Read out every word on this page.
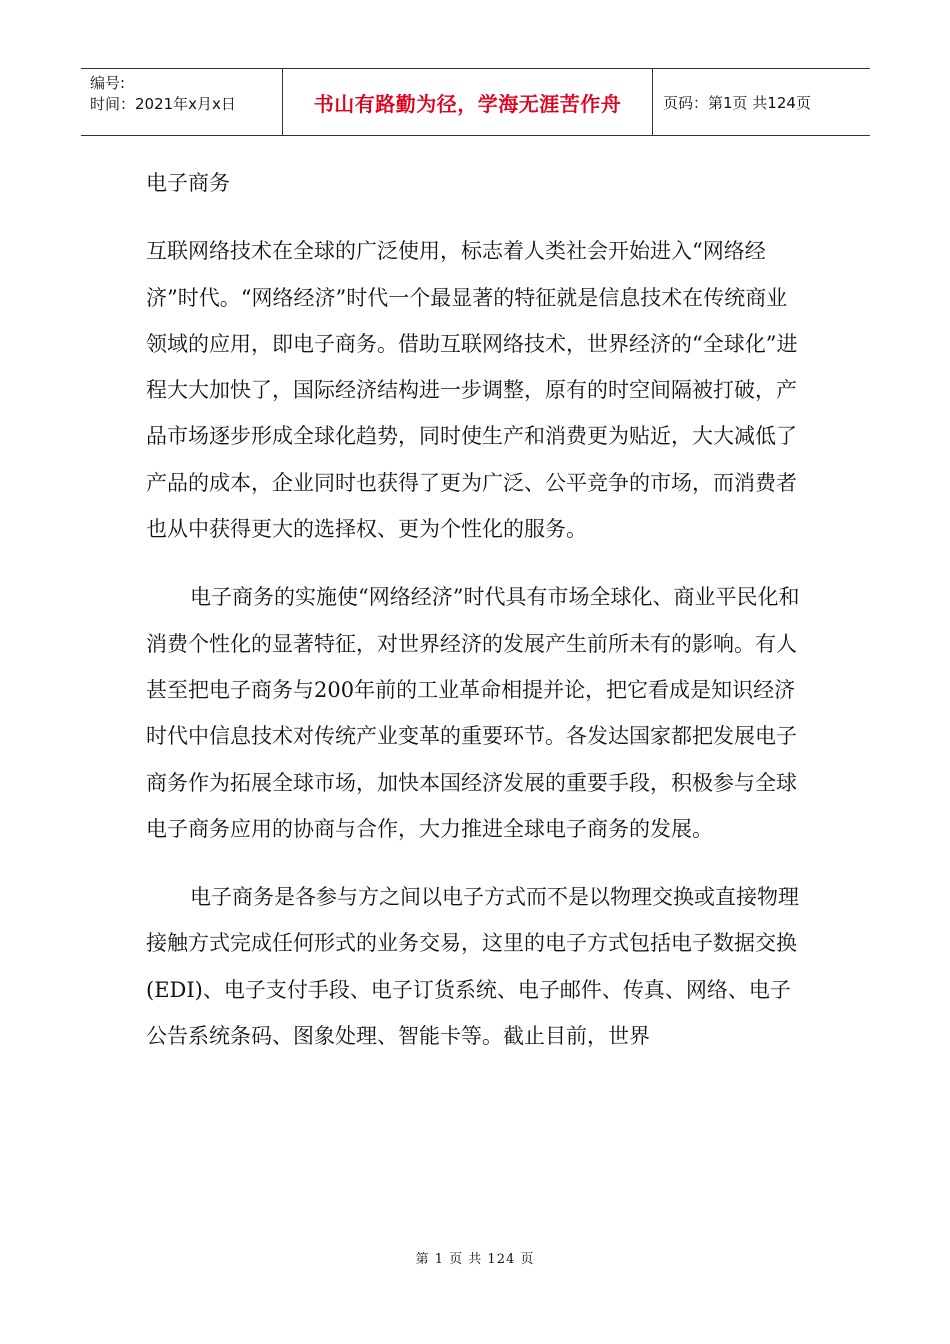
编号:
时间：2021年x月x日	书山有路勤为径，学海无涯苦作舟	页码：第1页 共124页

电子商务

互联网络技术在全球的广泛使用，标志着人类社会开始进入“网络经济”时代。“网络经济”时代一个最显著的特征就是信息技术在传统商业领域的应用，即电子商务。借助互联网络技术，世界经济的“全球化”进程大大加快了，国际经济结构进一步调整，原有的时空间隔被打破，产品市场逐步形成全球化趋势，同时使生产和消费更为贴近，大大减低了产品的成本，企业同时也获得了更为广泛、公平竞争的市场，而消费者也从中获得更大的选择权、更为个性化的服务。

电子商务的实施使“网络经济”时代具有市场全球化、商业平民化和消费个性化的显著特征，对世界经济的发展产生前所未有的影响。有人甚至把电子商务与200年前的工业革命相提并论，把它看成是知识经济时代中信息技术对传统产业变革的重要环节。各发达国家都把发展电子商务作为拓展全球市场，加快本国经济发展的重要手段，积极参与全球电子商务应用的协商与合作，大力推进全球电子商务的发展。

电子商务是各参与方之间以电子方式而不是以物理交换或直接物理接触方式完成任何形式的业务交易，这里的电子方式包括电子数据交换(EDI)、电子支付手段、电子订货系统、电子邮件、传真、网络、电子公告系统条码、图象处理、智能卡等。截止目前，世界

第 1 页 共 124 页
